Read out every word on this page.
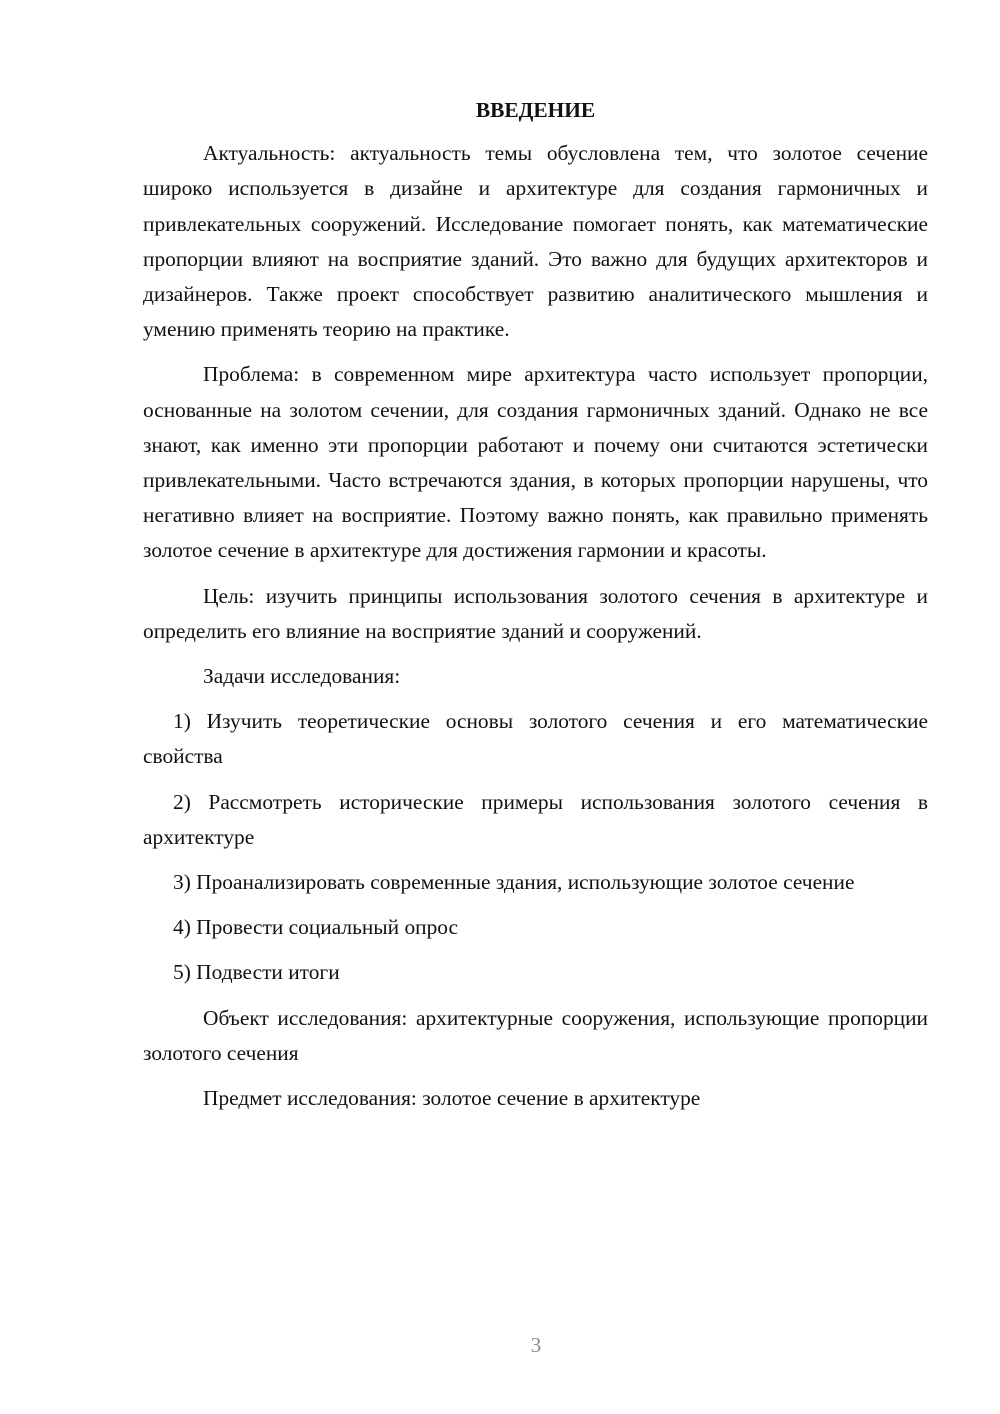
ВВЕДЕНИЕ

Актуальность: актуальность темы обусловлена тем, что золотое сечение широко используется в дизайне и архитектуре для создания гармоничных и привлекательных сооружений. Исследование помогает понять, как математические пропорции влияют на восприятие зданий. Это важно для будущих архитекторов и дизайнеров. Также проект способствует развитию аналитического мышления и умению применять теорию на практике.

Проблема: в современном мире архитектура часто использует пропорции, основанные на золотом сечении, для создания гармоничных зданий. Однако не все знают, как именно эти пропорции работают и почему они считаются эстетически привлекательными. Часто встречаются здания, в которых пропорции нарушены, что негативно влияет на восприятие. Поэтому важно понять, как правильно применять золотое сечение в архитектуре для достижения гармонии и красоты.

Цель: изучить принципы использования золотого сечения в архитектуре и определить его влияние на восприятие зданий и сооружений.

Задачи исследования:

1) Изучить теоретические основы золотого сечения и его математические свойства

2) Рассмотреть исторические примеры использования золотого сечения в архитектуре

3) Проанализировать современные здания, использующие золотое сечение

4) Провести социальный опрос

5) Подвести итоги

Объект исследования: архитектурные сооружения, использующие пропорции золотого сечения

Предмет исследования: золотое сечение в архитектуре

3
